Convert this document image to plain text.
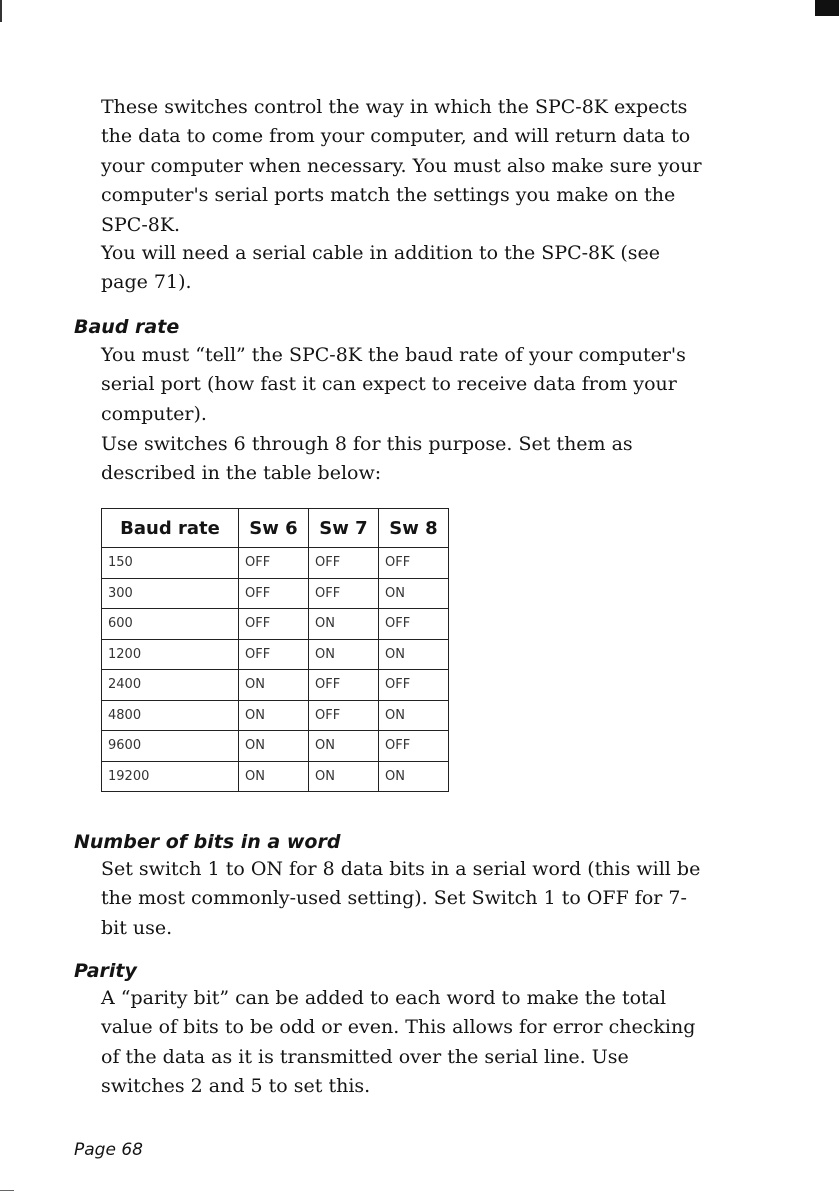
These switches control the way in which the SPC-8K expects the data to come from your computer, and will return data to your computer when necessary. You must also make sure your computer's serial ports match the settings you make on the SPC-8K.

You will need a serial cable in addition to the SPC-8K (see page 71).

Baud rate

You must “tell” the SPC-8K the baud rate of your computer's serial port (how fast it can expect to receive data from your computer).

Use switches 6 through 8 for this purpose. Set them as described in the table below:

Baud rate	Sw 6	Sw 7	Sw 8
150	OFF	OFF	OFF
300	OFF	OFF	ON
600	OFF	ON	OFF
1200	OFF	ON	ON
2400	ON	OFF	OFF
4800	ON	OFF	ON
9600	ON	ON	OFF
19200	ON	ON	ON
Number of bits in a word

Set switch 1 to ON for 8 data bits in a serial word (this will be the most commonly-used setting). Set Switch 1 to OFF for 7-bit use.

Parity

A “parity bit” can be added to each word to make the total value of bits to be odd or even. This allows for error checking of the data as it is transmitted over the serial line. Use switches 2 and 5 to set this.

Page 68
